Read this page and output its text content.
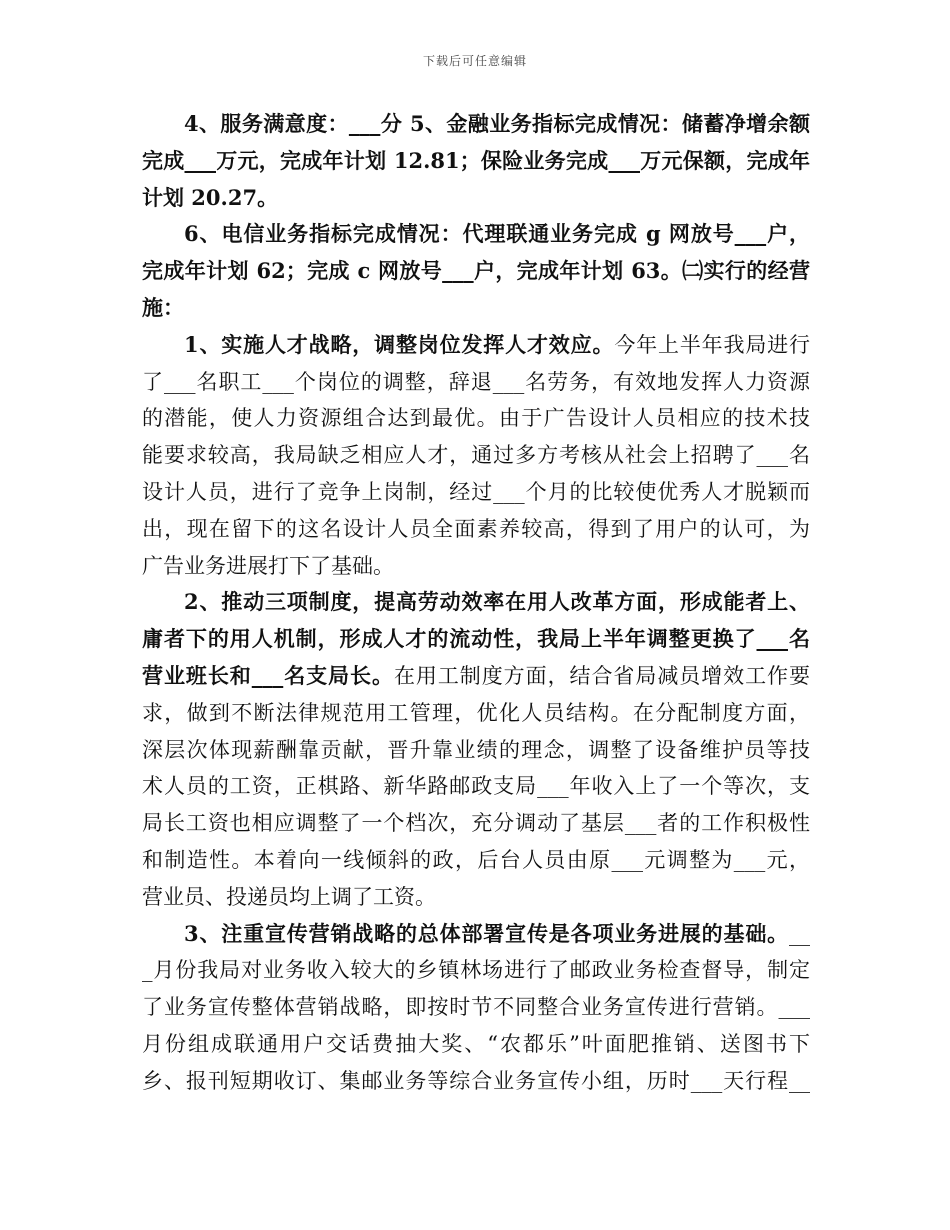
下载后可任意编辑
4、服务满意度：___分 5、金融业务指标完成情况：储蓄净增余额
完成___万元，完成年计划 12.81；保险业务完成___万元保额，完成年
计划 20.27。
6、电信业务指标完成情况：代理联通业务完成 g 网放号___户，
完成年计划 62；完成 c 网放号___户，完成年计划 63。㈡实行的经营
施：
1、实施人才战略，调整岗位发挥人才效应。今年上半年我局进行
了___名职工___个岗位的调整，辞退___名劳务，有效地发挥人力资源
的潜能，使人力资源组合达到最优。由于广告设计人员相应的技术技
能要求较高，我局缺乏相应人才，通过多方考核从社会上招聘了___名
设计人员，进行了竞争上岗制，经过___个月的比较使优秀人才脱颖而
出，现在留下的这名设计人员全面素养较高，得到了用户的认可，为
广告业务进展打下了基础。
2、推动三项制度，提高劳动效率在用人改革方面，形成能者上、
庸者下的用人机制，形成人才的流动性，我局上半年调整更换了___名
营业班长和___名支局长。在用工制度方面，结合省局减员增效工作要
求，做到不断法律规范用工管理，优化人员结构。在分配制度方面，
深层次体现薪酬靠贡献，晋升靠业绩的理念，调整了设备维护员等技
术人员的工资，正棋路、新华路邮政支局___年收入上了一个等次，支
局长工资也相应调整了一个档次，充分调动了基层___者的工作积极性
和制造性。本着向一线倾斜的政，后台人员由原___元调整为___元，
营业员、投递员均上调了工资。
3、注重宣传营销战略的总体部署宣传是各项业务进展的基础。__
_月份我局对业务收入较大的乡镇林场进行了邮政业务检查督导，制定
了业务宣传整体营销战略，即按时节不同整合业务宣传进行营销。___
月份组成联通用户交话费抽大奖、“农都乐”叶面肥推销、送图书下
乡、报刊短期收订、集邮业务等综合业务宣传小组，历时___天行程__
